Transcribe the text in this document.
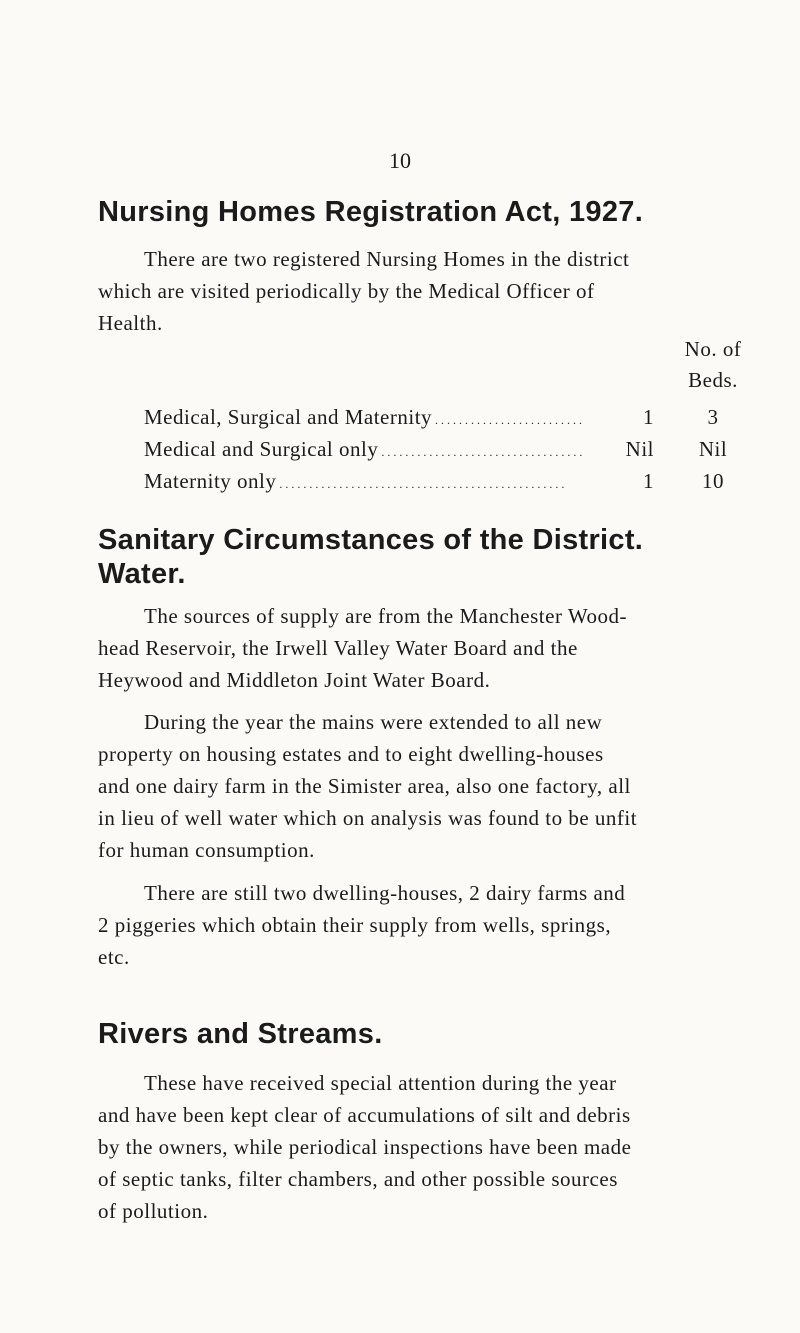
10
Nursing Homes Registration Act, 1927.
There are two registered Nursing Homes in the district
which are visited periodically by the Medical Officer of
Health.
No. of
Beds.
Medical, Surgical and Maternity . . .	1	3
Medical and Surgical only . . .	Nil	Nil
Maternity only . . .	1	10
Sanitary Circumstances of the District.
Water.
The sources of supply are from the Manchester Wood-
head Reservoir, the Irwell Valley Water Board and the
Heywood and Middleton Joint Water Board.
During the year the mains were extended to all new
property on housing estates and to eight dwelling-houses
and one dairy farm in the Simister area, also one factory, all
in lieu of well water which on analysis was found to be unfit
for human consumption.
There are still two dwelling-houses, 2 dairy farms and
2 piggeries which obtain their supply from wells, springs,
etc.
Rivers and Streams.
These have received special attention during the year
and have been kept clear of accumulations of silt and debris
by the owners, while periodical inspections have been made
of septic tanks, filter chambers, and other possible sources
of pollution.
